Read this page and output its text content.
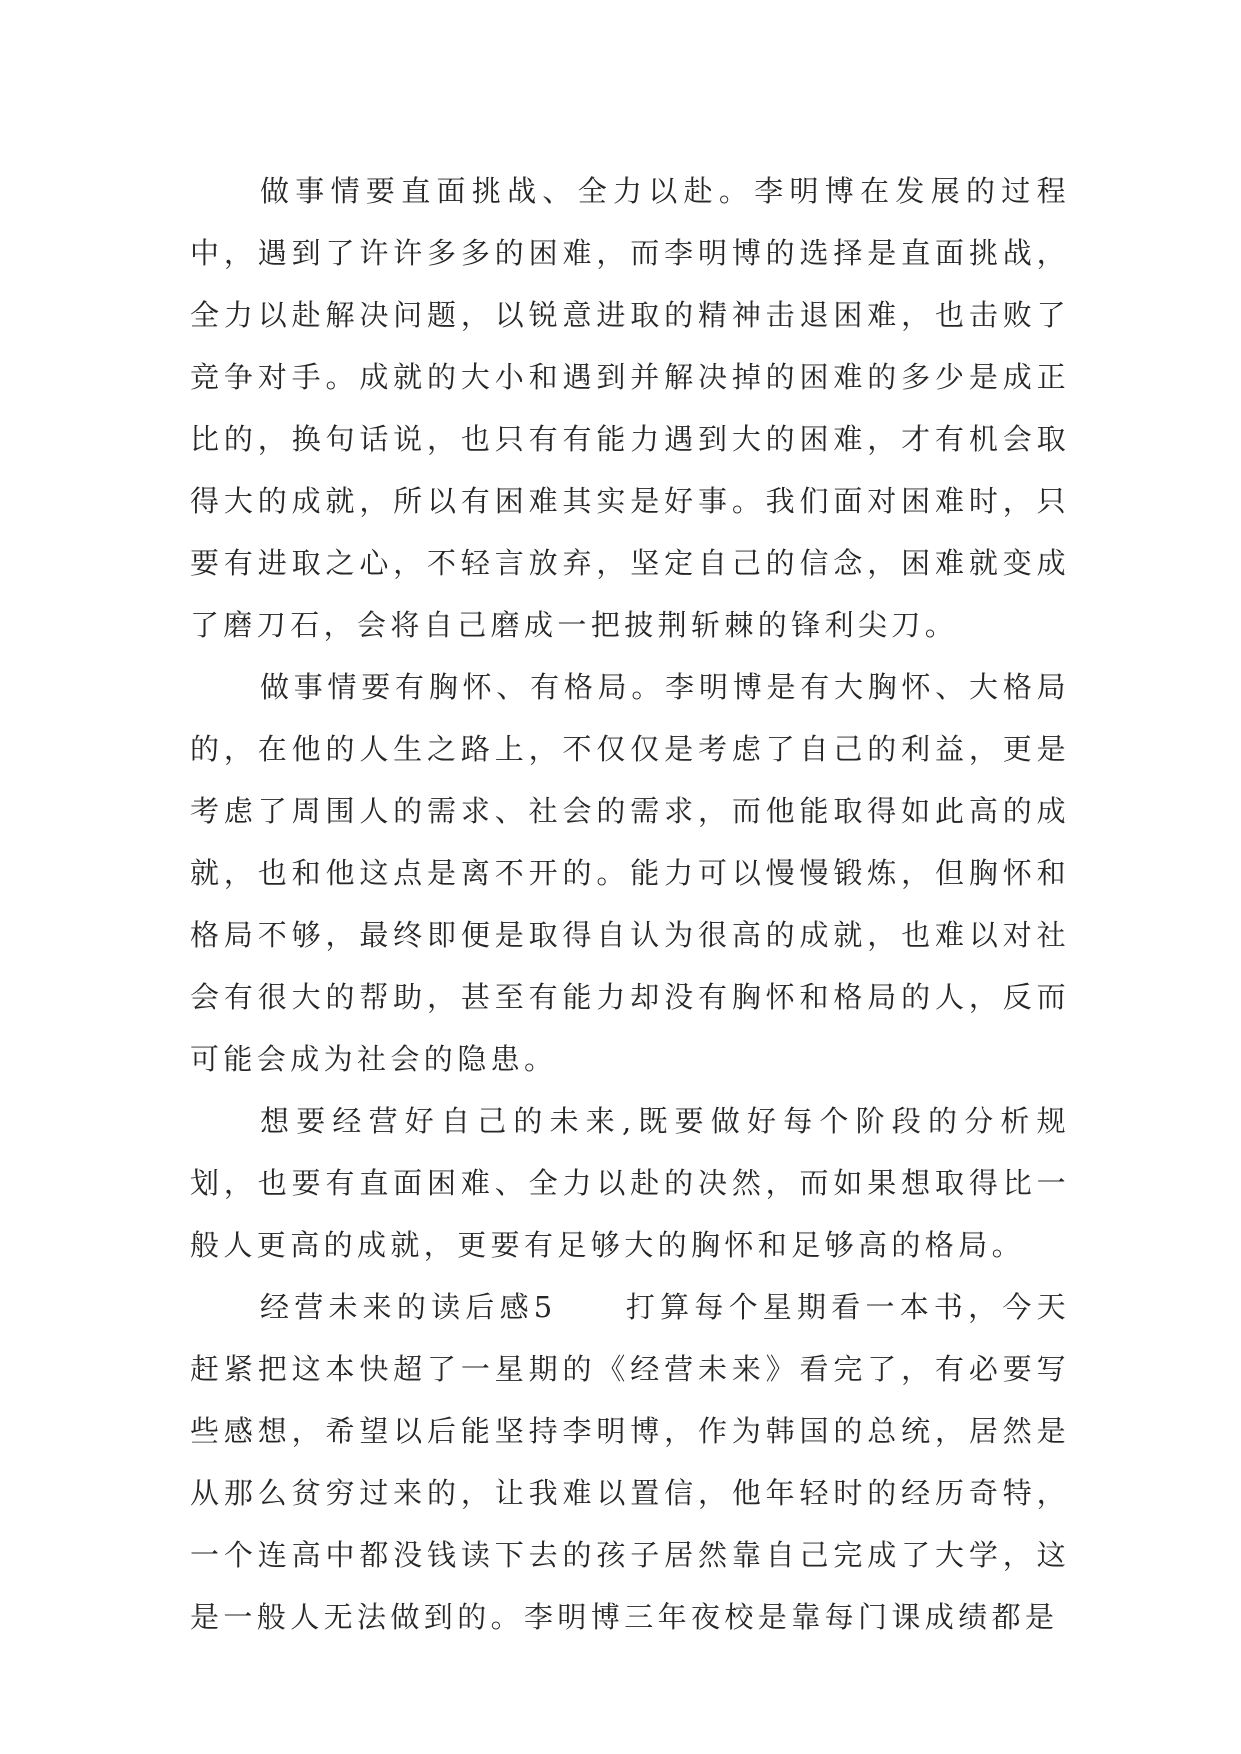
做事情要直面挑战、全力以赴。李明博在发展的过程中，遇到了许许多多的困难，而李明博的选择是直面挑战，全力以赴解决问题，以锐意进取的精神击退困难，也击败了竞争对手。成就的大小和遇到并解决掉的困难的多少是成正比的，换句话说，也只有有能力遇到大的困难，才有机会取得大的成就，所以有困难其实是好事。我们面对困难时，只要有进取之心，不轻言放弃，坚定自己的信念，困难就变成了磨刀石，会将自己磨成一把披荆斩棘的锋利尖刀。

做事情要有胸怀、有格局。李明博是有大胸怀、大格局的，在他的人生之路上，不仅仅是考虑了自己的利益，更是考虑了周围人的需求、社会的需求，而他能取得如此高的成就，也和他这点是离不开的。能力可以慢慢锻炼，但胸怀和格局不够，最终即便是取得自认为很高的成就，也难以对社会有很大的帮助，甚至有能力却没有胸怀和格局的人，反而可能会成为社会的隐患。

想要经营好自己的未来,既要做好每个阶段的分析规划，也要有直面困难、全力以赴的决然，而如果想取得比一般人更高的成就，更要有足够大的胸怀和足够高的格局。

经营未来的读后感5　　打算每个星期看一本书，今天赶紧把这本快超了一星期的《经营未来》看完了，有必要写些感想，希望以后能坚持李明博，作为韩国的总统，居然是从那么贫穷过来的，让我难以置信，他年轻时的经历奇特，一个连高中都没钱读下去的孩子居然靠自己完成了大学，这是一般人无法做到的。李明博三年夜校是靠每门课成绩都是
